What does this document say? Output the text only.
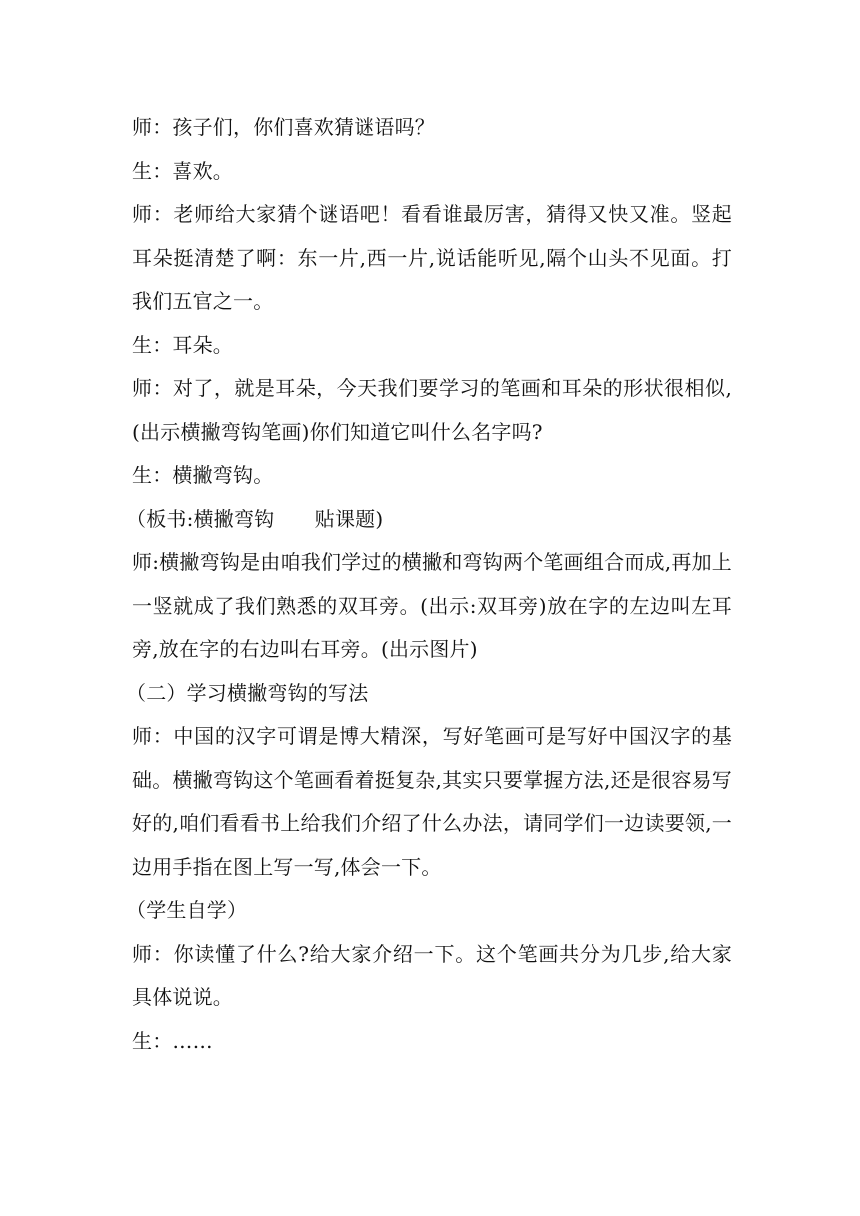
师：孩子们，你们喜欢猜谜语吗？

生：喜欢。

师：老师给大家猜个谜语吧！看看谁最厉害，猜得又快又准。竖起耳朵挺清楚了啊：东一片,西一片,说话能听见,隔个山头不见面。打我们五官之一。

生：耳朵。

师：对了，就是耳朵，今天我们要学习的笔画和耳朵的形状很相似,(出示横撇弯钩笔画)你们知道它叫什么名字吗?

生：横撇弯钩。

（板书:横撇弯钩　　贴课题)

师:横撇弯钩是由咱我们学过的横撇和弯钩两个笔画组合而成,再加上一竖就成了我们熟悉的双耳旁。(出示:双耳旁)放在字的左边叫左耳旁,放在字的右边叫右耳旁。(出示图片)

（二）学习横撇弯钩的写法

师：中国的汉字可谓是博大精深，写好笔画可是写好中国汉字的基础。横撇弯钩这个笔画看着挺复杂,其实只要掌握方法,还是很容易写好的,咱们看看书上给我们介绍了什么办法，请同学们一边读要领,一边用手指在图上写一写,体会一下。

（学生自学）

师：你读懂了什么?给大家介绍一下。这个笔画共分为几步,给大家具体说说。

生：……
